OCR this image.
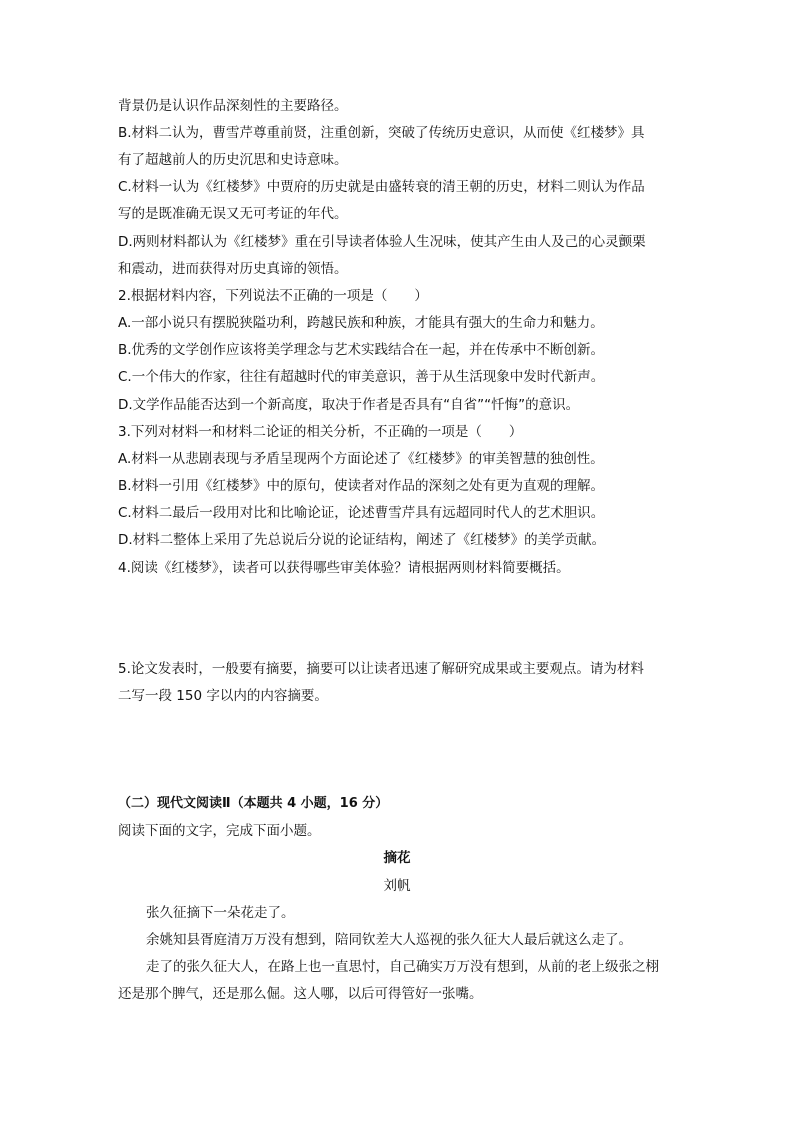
背景仍是认识作品深刻性的主要路径。
B.材料二认为，曹雪芹尊重前贤，注重创新，突破了传统历史意识，从而使《红楼梦》具
有了超越前人的历史沉思和史诗意味。
C.材料一认为《红楼梦》中贾府的历史就是由盛转衰的清王朝的历史，材料二则认为作品
写的是既准确无误又无可考证的年代。
D.两则材料都认为《红楼梦》重在引导读者体验人生况味，使其产生由人及己的心灵颤栗
和震动，进而获得对历史真谛的领悟。
2.根据材料内容，下列说法不正确的一项是（　　）
A.一部小说只有摆脱狭隘功利，跨越民族和种族，才能具有强大的生命力和魅力。
B.优秀的文学创作应该将美学理念与艺术实践结合在一起，并在传承中不断创新。
C.一个伟大的作家，往往有超越时代的审美意识，善于从生活现象中发时代新声。
D.文学作品能否达到一个新高度，取决于作者是否具有“自省”“忏悔”的意识。
3.下列对材料一和材料二论证的相关分析，不正确的一项是（　　）
A.材料一从悲剧表现与矛盾呈现两个方面论述了《红楼梦》的审美智慧的独创性。
B.材料一引用《红楼梦》中的原句，使读者对作品的深刻之处有更为直观的理解。
C.材料二最后一段用对比和比喻论证，论述曹雪芹具有远超同时代人的艺术胆识。
D.材料二整体上采用了先总说后分说的论证结构，阐述了《红楼梦》的美学贡献。
4.阅读《红楼梦》，读者可以获得哪些审美体验？请根据两则材料简要概括。
5.论文发表时，一般要有摘要，摘要可以让读者迅速了解研究成果或主要观点。请为材料
二写一段 150 字以内的内容摘要。
（二）现代文阅读Ⅱ（本题共 4 小题，16 分）
阅读下面的文字，完成下面小题。
摘花
刘帆
张久征摘下一朵花走了。
余姚知县胥庭清万万没有想到，陪同钦差大人巡视的张久征大人最后就这么走了。
走了的张久征大人，在路上也一直思忖，自己确实万万没有想到，从前的老上级张之栩
还是那个脾气，还是那么倔。这人哪，以后可得管好一张嘴。
